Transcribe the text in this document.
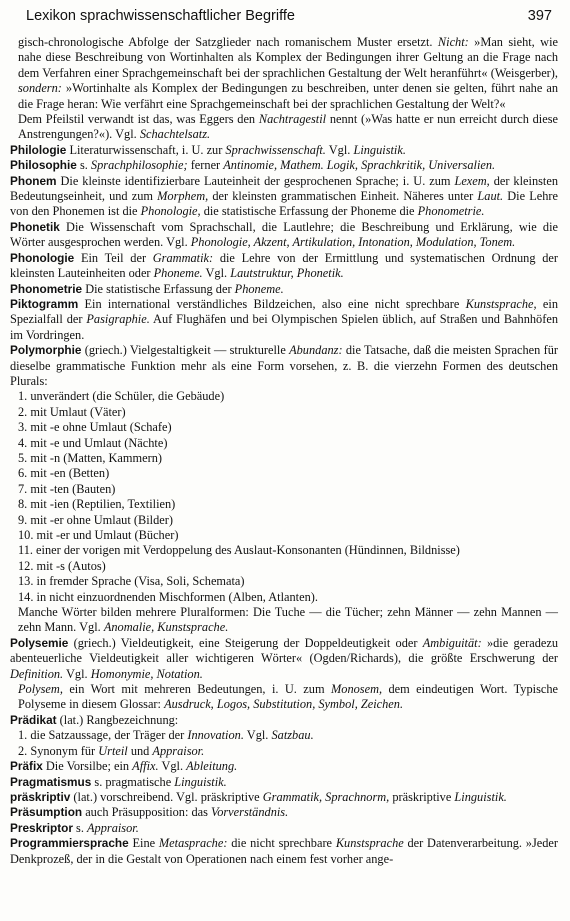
Lexikon sprachwissenschaftlicher Begriffe	397

gisch-chronologische Abfolge der Satzglieder nach romanischem Muster ersetzt. Nicht: »Man sieht, wie nahe diese Beschreibung von Wortinhalten als Komplex der Bedingungen ihrer Geltung an die Frage nach dem Verfahren einer Sprachgemeinschaft bei der sprachlichen Gestaltung der Welt heranführt« (Weisgerber), sondern: »Wortinhalte als Komplex der Bedingungen zu beschreiben, unter denen sie gelten, führt nahe an die Frage heran: Wie verfährt eine Sprachgemeinschaft bei der sprachlichen Gestaltung der Welt?«

Dem Pfeilstil verwandt ist das, was Eggers den Nachtragestil nennt (»Was hatte er nun erreicht durch diese Anstrengungen?«). Vgl. Schachtelsatz.

Philologie Literaturwissenschaft, i. U. zur Sprachwissenschaft. Vgl. Linguistik.

Philosophie s. Sprachphilosophie; ferner Antinomie, Mathem. Logik, Sprachkritik, Universalien.

Phonem Die kleinste identifizierbare Lauteinheit der gesprochenen Sprache; i. U. zum Lexem, der kleinsten Bedeutungseinheit, und zum Morphem, der kleinsten grammatischen Einheit. Näheres unter Laut. Die Lehre von den Phonemen ist die Phonologie, die statistische Erfassung der Phoneme die Phonometrie.

Phonetik Die Wissenschaft vom Sprachschall, die Lautlehre; die Beschreibung und Erklärung, wie die Wörter ausgesprochen werden. Vgl. Phonologie, Akzent, Artikulation, Intonation, Modulation, Tonem.

Phonologie Ein Teil der Grammatik: die Lehre von der Ermittlung und systematischen Ordnung der kleinsten Lauteinheiten oder Phoneme. Vgl. Lautstruktur, Phonetik.

Phonometrie Die statistische Erfassung der Phoneme.

Piktogramm Ein international verständliches Bildzeichen, also eine nicht sprechbare Kunstsprache, ein Spezialfall der Pasigraphie. Auf Flughäfen und bei Olympischen Spielen üblich, auf Straßen und Bahnhöfen im Vordringen.

Polymorphie (griech.) Vielgestaltigkeit — strukturelle Abundanz: die Tatsache, daß die meisten Sprachen für dieselbe grammatische Funktion mehr als eine Form vorsehen, z. B. die vierzehn Formen des deutschen Plurals:

1. unverändert (die Schüler, die Gebäude)

2. mit Umlaut (Väter)

3. mit -e ohne Umlaut (Schafe)

4. mit -e und Umlaut (Nächte)

5. mit -n (Matten, Kammern)

6. mit -en (Betten)

7. mit -ten (Bauten)

8. mit -ien (Reptilien, Textilien)

9. mit -er ohne Umlaut (Bilder)

10. mit -er und Umlaut (Bücher)

11. einer der vorigen mit Verdoppelung des Auslaut-Konsonanten (Hündinnen, Bildnisse)

12. mit -s (Autos)

13. in fremder Sprache (Visa, Soli, Schemata)

14. in nicht einzuordnenden Mischformen (Alben, Atlanten).

Manche Wörter bilden mehrere Pluralformen: Die Tuche — die Tücher; zehn Männer — zehn Mannen — zehn Mann. Vgl. Anomalie, Kunstsprache.

Polysemie (griech.) Vieldeutigkeit, eine Steigerung der Doppeldeutigkeit oder Ambiguität: »die geradezu abenteuerliche Vieldeutigkeit aller wichtigeren Wörter« (Ogden/Richards), die größte Erschwerung der Definition. Vgl. Homonymie, Notation.

Polysem, ein Wort mit mehreren Bedeutungen, i. U. zum Monosem, dem eindeutigen Wort. Typische Polyseme in diesem Glossar: Ausdruck, Logos, Substitution, Symbol, Zeichen.

Prädikat (lat.) Rangbezeichnung:

1. die Satzaussage, der Träger der Innovation. Vgl. Satzbau.

2. Synonym für Urteil und Appraisor.

Präfix Die Vorsilbe; ein Affix. Vgl. Ableitung.

Pragmatismus s. pragmatische Linguistik.

präskriptiv (lat.) vorschreibend. Vgl. präskriptive Grammatik, Sprachnorm, präskriptive Linguistik.

Präsumption auch Präsupposition: das Vorverständnis.

Preskriptor s. Appraisor.

Programmiersprache Eine Metasprache: die nicht sprechbare Kunstsprache der Datenverarbeitung. »Jeder Denkprozeß, der in die Gestalt von Operationen nach einem fest vorher ange-
